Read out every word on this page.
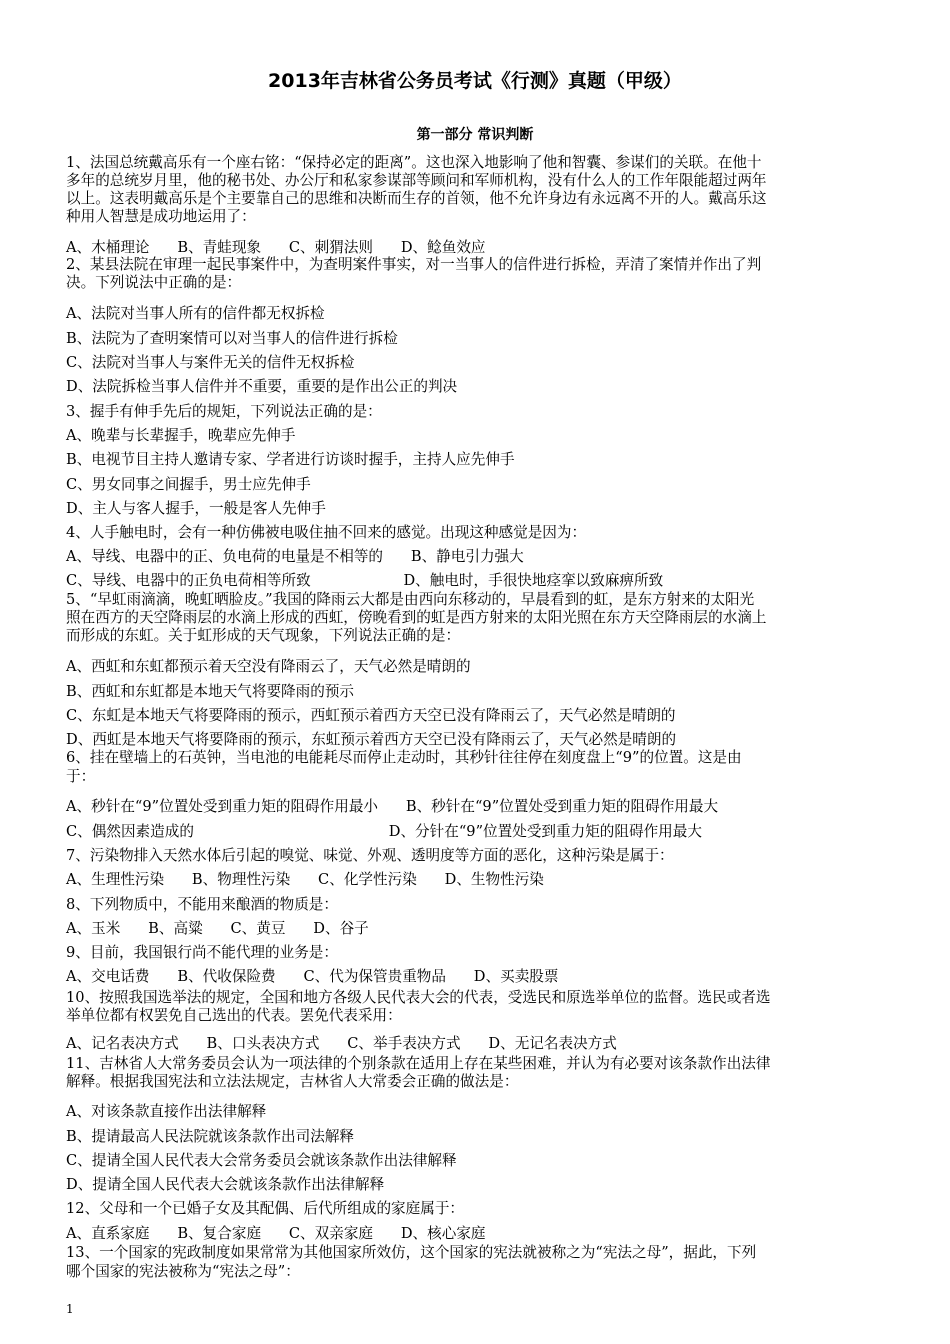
2013年吉林省公务员考试《行测》真题（甲级）
第一部分 常识判断
1、法国总统戴高乐有一个座右铭：“保持必定的距离”。这也深入地影响了他和智囊、参谋们的关联。在他十
多年的总统岁月里，他的秘书处、办公厅和私家参谋部等顾问和军师机构，没有什么人的工作年限能超过两年
以上。这表明戴高乐是个主要靠自己的思维和决断而生存的首领，他不允许身边有永远离不开的人。戴高乐这
种用人智慧是成功地运用了：
A、木桶理论      B、青蛙现象      C、刺猬法则      D、鲶鱼效应
2、某县法院在审理一起民事案件中，为查明案件事实，对一当事人的信件进行拆检，弄清了案情并作出了判
决。下列说法中正确的是：
A、法院对当事人所有的信件都无权拆检
B、法院为了查明案情可以对当事人的信件进行拆检
C、法院对当事人与案件无关的信件无权拆检
D、法院拆检当事人信件并不重要，重要的是作出公正的判决
3、握手有伸手先后的规矩，下列说法正确的是：
A、晚辈与长辈握手，晚辈应先伸手
B、电视节目主持人邀请专家、学者进行访谈时握手，主持人应先伸手
C、男女同事之间握手，男士应先伸手
D、主人与客人握手，一般是客人先伸手
4、人手触电时，会有一种仿佛被电吸住抽不回来的感觉。出现这种感觉是因为：
A、导线、电器中的正、负电荷的电量是不相等的      B、静电引力强大
C、导线、电器中的正负电荷相等所致                    D、触电时，手很快地痉挛以致麻痹所致
5、“早虹雨滴滴，晚虹晒脸皮。”我国的降雨云大都是由西向东移动的，早晨看到的虹，是东方射来的太阳光
照在西方的天空降雨层的水滴上形成的西虹，傍晚看到的虹是西方射来的太阳光照在东方天空降雨层的水滴上
而形成的东虹。关于虹形成的天气现象，下列说法正确的是：
A、西虹和东虹都预示着天空没有降雨云了，天气必然是晴朗的
B、西虹和东虹都是本地天气将要降雨的预示
C、东虹是本地天气将要降雨的预示，西虹预示着西方天空已没有降雨云了，天气必然是晴朗的
D、西虹是本地天气将要降雨的预示，东虹预示着西方天空已没有降雨云了，天气必然是晴朗的
6、挂在壁墙上的石英钟，当电池的电能耗尽而停止走动时，其秒针往往停在刻度盘上“9”的位置。这是由
于：
A、秒针在“9”位置处受到重力矩的阻碍作用最小      B、秒针在“9”位置处受到重力矩的阻碍作用最大
C、偶然因素造成的                                          D、分针在“9”位置处受到重力矩的阻碍作用最大
7、污染物排入天然水体后引起的嗅觉、味觉、外观、透明度等方面的恶化，这种污染是属于：
A、生理性污染      B、物理性污染      C、化学性污染      D、生物性污染
8、下列物质中，不能用来酿酒的物质是：
A、玉米      B、高粱      C、黄豆      D、谷子
9、目前，我国银行尚不能代理的业务是：
A、交电话费      B、代收保险费      C、代为保管贵重物品      D、买卖股票
10、按照我国选举法的规定，全国和地方各级人民代表大会的代表，受选民和原选举单位的监督。选民或者选
举单位都有权罢免自己选出的代表。罢免代表采用：
A、记名表决方式      B、口头表决方式      C、举手表决方式      D、无记名表决方式
11、吉林省人大常务委员会认为一项法律的个别条款在适用上存在某些困难，并认为有必要对该条款作出法律
解释。根据我国宪法和立法法规定，吉林省人大常委会正确的做法是：
A、对该条款直接作出法律解释
B、提请最高人民法院就该条款作出司法解释
C、提请全国人民代表大会常务委员会就该条款作出法律解释
D、提请全国人民代表大会就该条款作出法律解释
12、父母和一个已婚子女及其配偶、后代所组成的家庭属于：
A、直系家庭      B、复合家庭      C、双亲家庭      D、核心家庭
13、一个国家的宪政制度如果常常为其他国家所效仿，这个国家的宪法就被称之为“宪法之母”，据此，下列
哪个国家的宪法被称为“宪法之母”：
1
